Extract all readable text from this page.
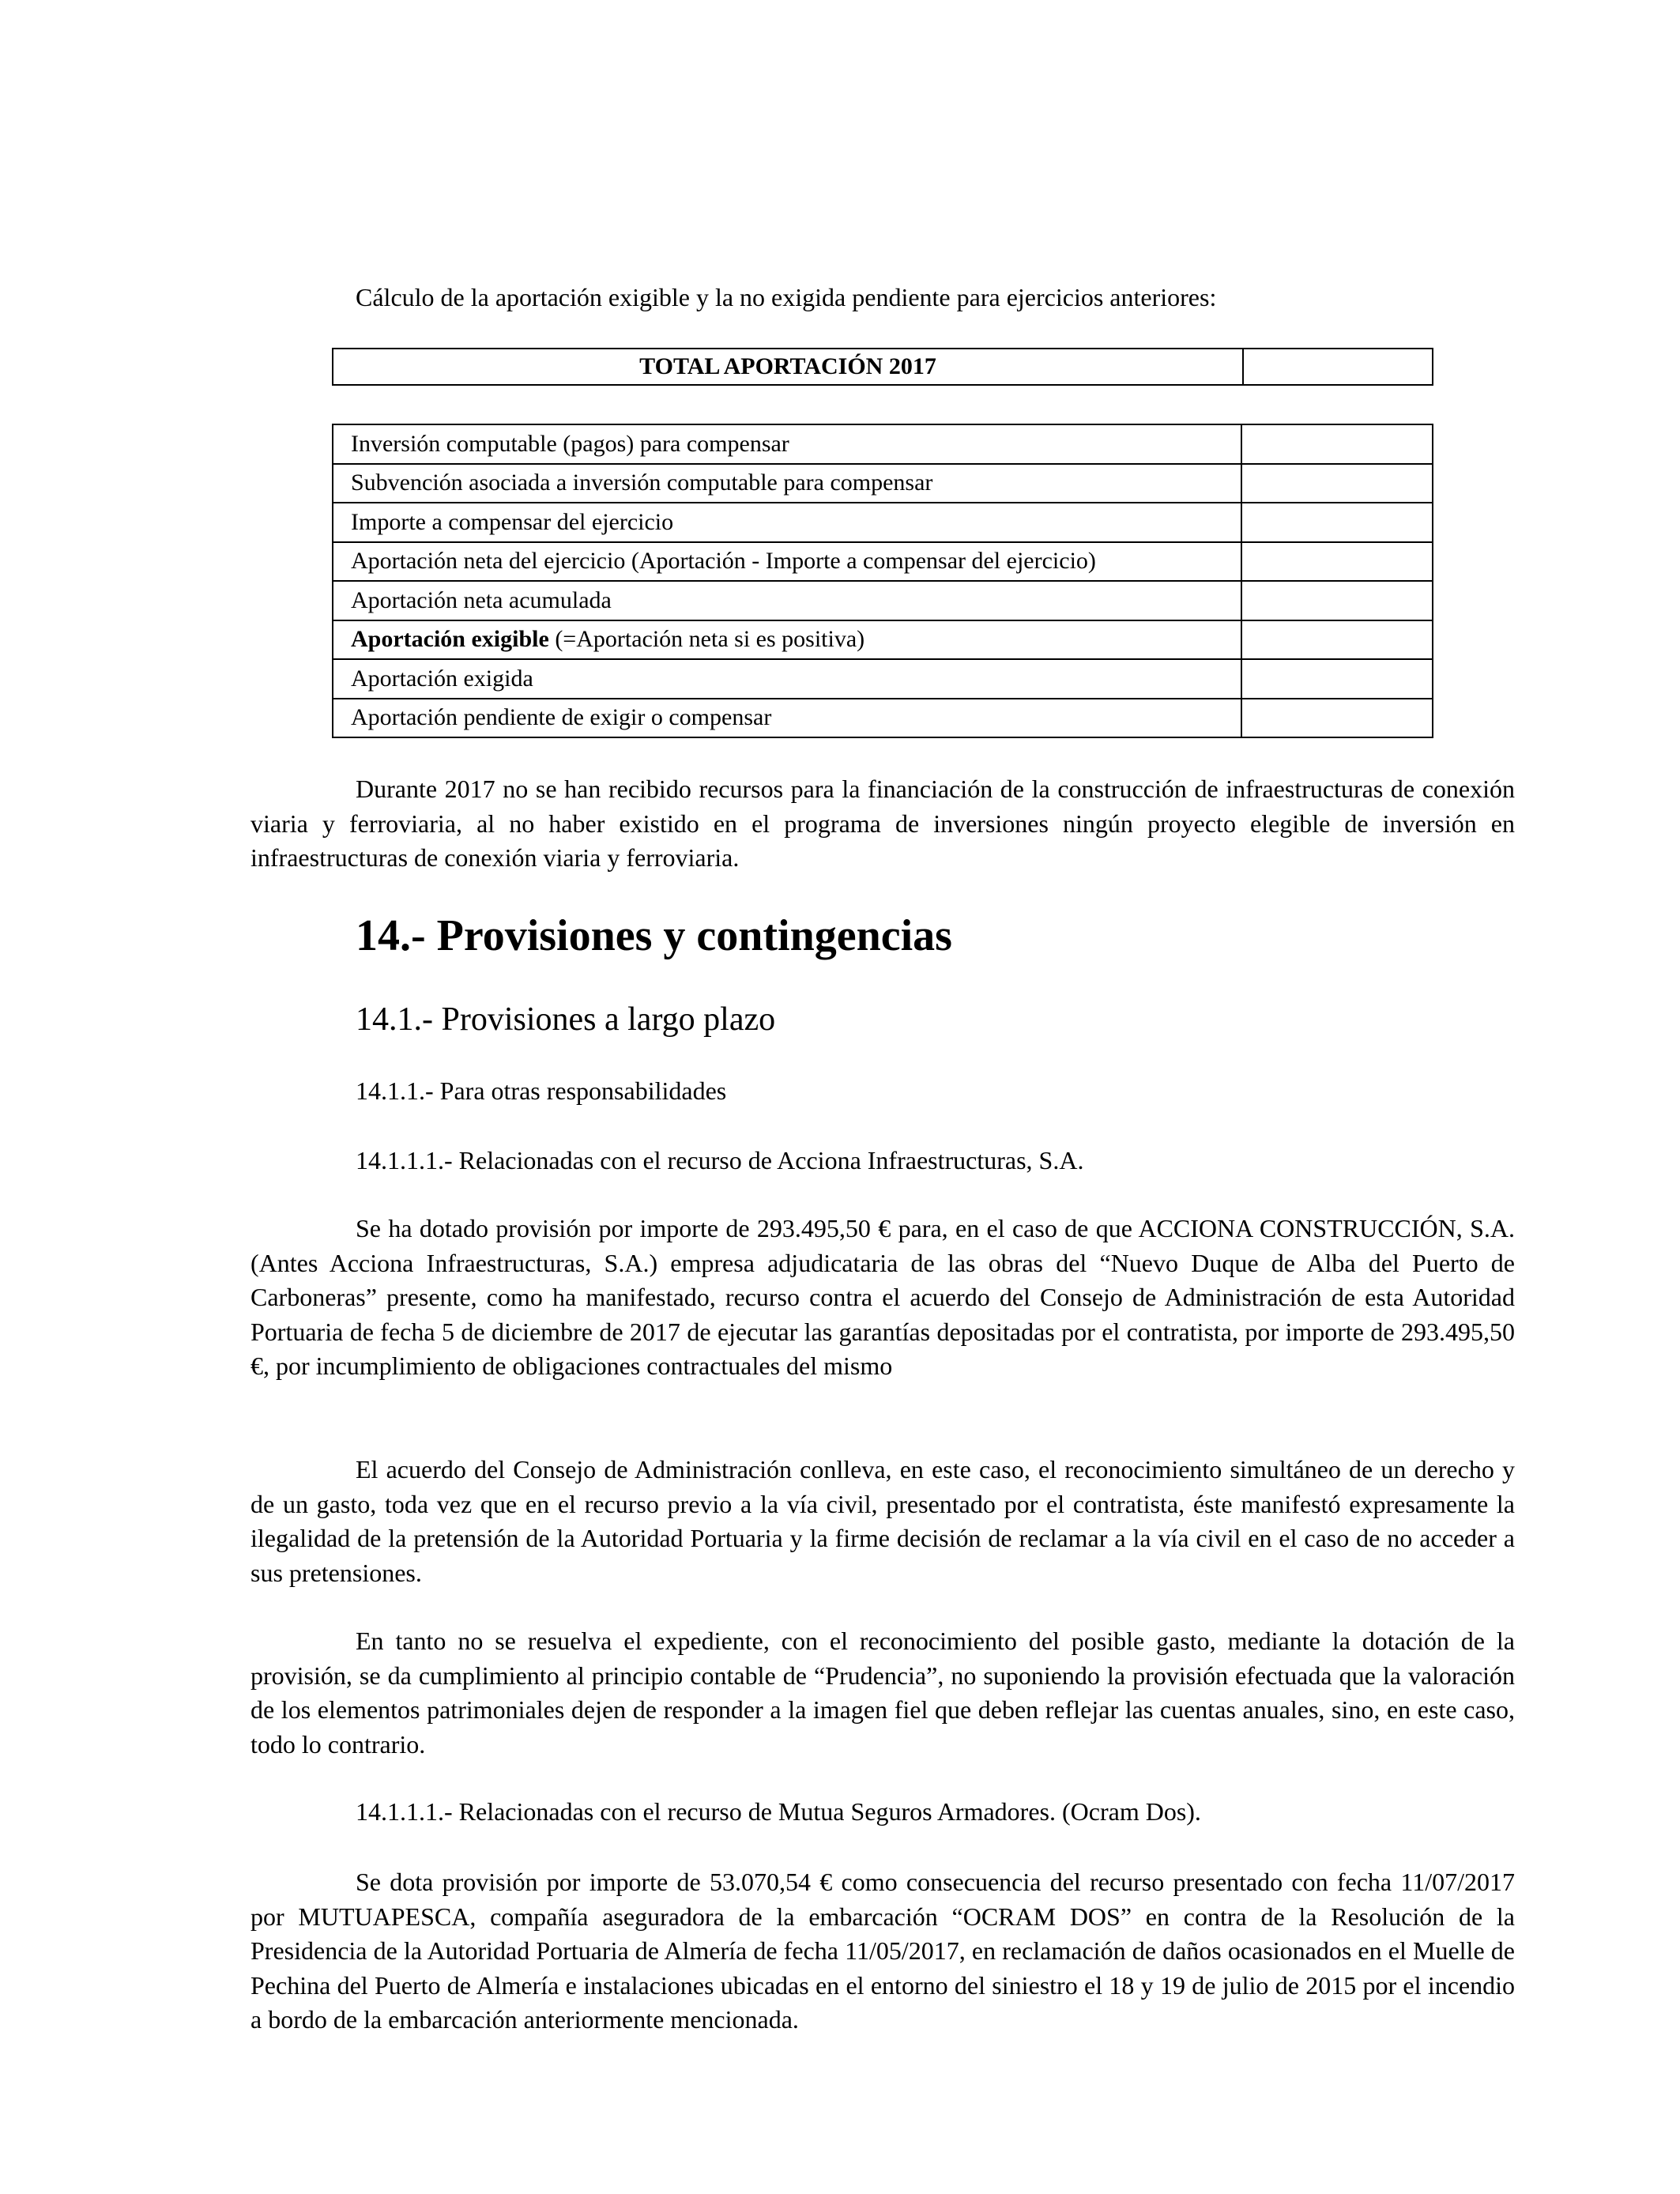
Cálculo de la aportación exigible y la no exigida pendiente para ejercicios anteriores:
TOTAL APORTACIÓN 2017	
Inversión computable (pagos) para compensar	
Subvención asociada a inversión computable para compensar	
Importe a compensar del ejercicio	
Aportación neta del ejercicio (Aportación - Importe a compensar del ejercicio)	
Aportación neta acumulada	
Aportación exigible (=Aportación neta si es positiva)	
Aportación exigida	
Aportación pendiente de exigir o compensar	

Durante 2017 no se han recibido recursos para la financiación de la construcción de infraestructuras de conexión viaria y ferroviaria, al no haber existido en el programa de inversiones ningún proyecto elegible de inversión en infraestructuras de conexión viaria y ferroviaria.

14.- Provisiones y contingencias
14.1.- Provisiones a largo plazo
14.1.1.- Para otras responsabilidades
14.1.1.1.- Relacionadas con el recurso de Acciona Infraestructuras, S.A.

Se ha dotado provisión por importe de 293.495,50 € para, en el caso de que ACCIONA CONSTRUCCIÓN, S.A. (Antes Acciona Infraestructuras, S.A.) empresa adjudicataria de las obras del “Nuevo Duque de Alba del Puerto de Carboneras” presente, como ha manifestado, recurso contra el acuerdo del Consejo de Administración de esta Autoridad Portuaria de fecha 5 de diciembre de 2017 de ejecutar las garantías depositadas por el contratista, por importe de 293.495,50 €, por incumplimiento de obligaciones contractuales del mismo

El acuerdo del Consejo de Administración conlleva, en este caso, el reconocimiento simultáneo de un derecho y de un gasto, toda vez que en el recurso previo a la vía civil, presentado por el contratista, éste manifestó expresamente la ilegalidad de la pretensión de la Autoridad Portuaria y la firme decisión de reclamar a la vía civil en el caso de no acceder a sus pretensiones.

En tanto no se resuelva el expediente, con el reconocimiento del posible gasto, mediante la dotación de la provisión, se da cumplimiento al principio contable de “Prudencia”, no suponiendo la provisión efectuada que la valoración de los elementos patrimoniales dejen de responder a la imagen fiel que deben reflejar las cuentas anuales, sino, en este caso, todo lo contrario.

14.1.1.1.- Relacionadas con el recurso de Mutua Seguros Armadores. (Ocram Dos).

Se dota provisión por importe de 53.070,54 € como consecuencia del recurso presentado con fecha 11/07/2017 por MUTUAPESCA, compañía aseguradora de la embarcación “OCRAM DOS” en contra de la Resolución de la Presidencia de la Autoridad Portuaria de Almería de fecha 11/05/2017, en reclamación de daños ocasionados en el Muelle de Pechina del Puerto de Almería e instalaciones ubicadas en el entorno del siniestro el 18 y 19 de julio de 2015 por el incendio a bordo de la embarcación anteriormente mencionada.
